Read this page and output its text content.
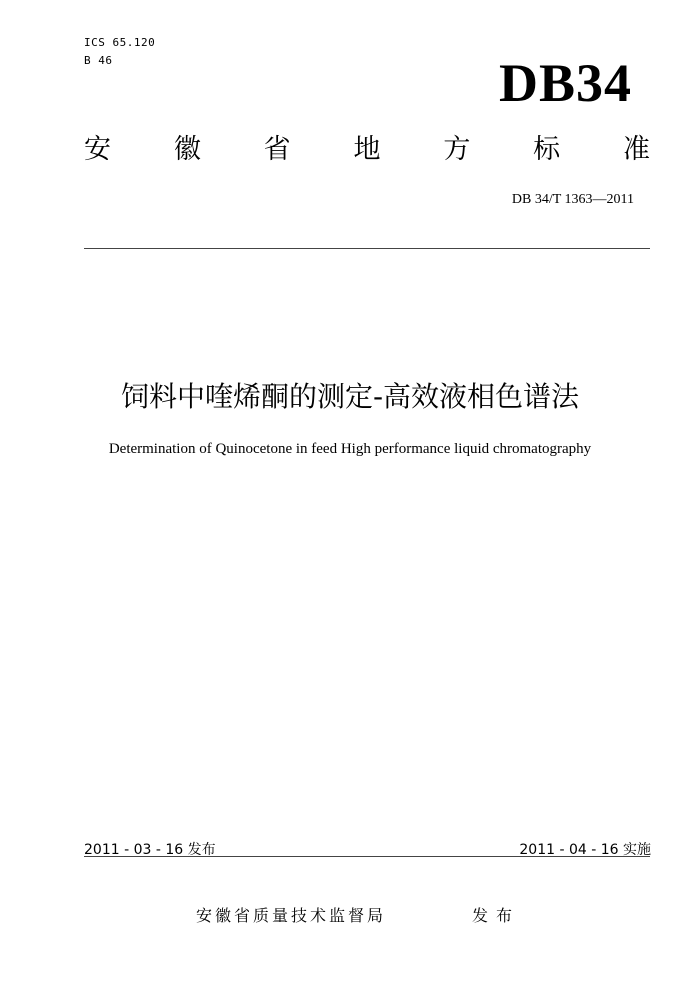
ICS 65.120
B 46	DB34
安 徽 省 地 方 标 准
DB 34/T 1363—2011
饲料中喹烯酮的测定-高效液相色谱法
Determination of Quinocetone in feed High performance liquid chromatography
2011 - 03 - 16 发布	2011 - 04 - 16 实施
安徽省质量技术监督局	发布
